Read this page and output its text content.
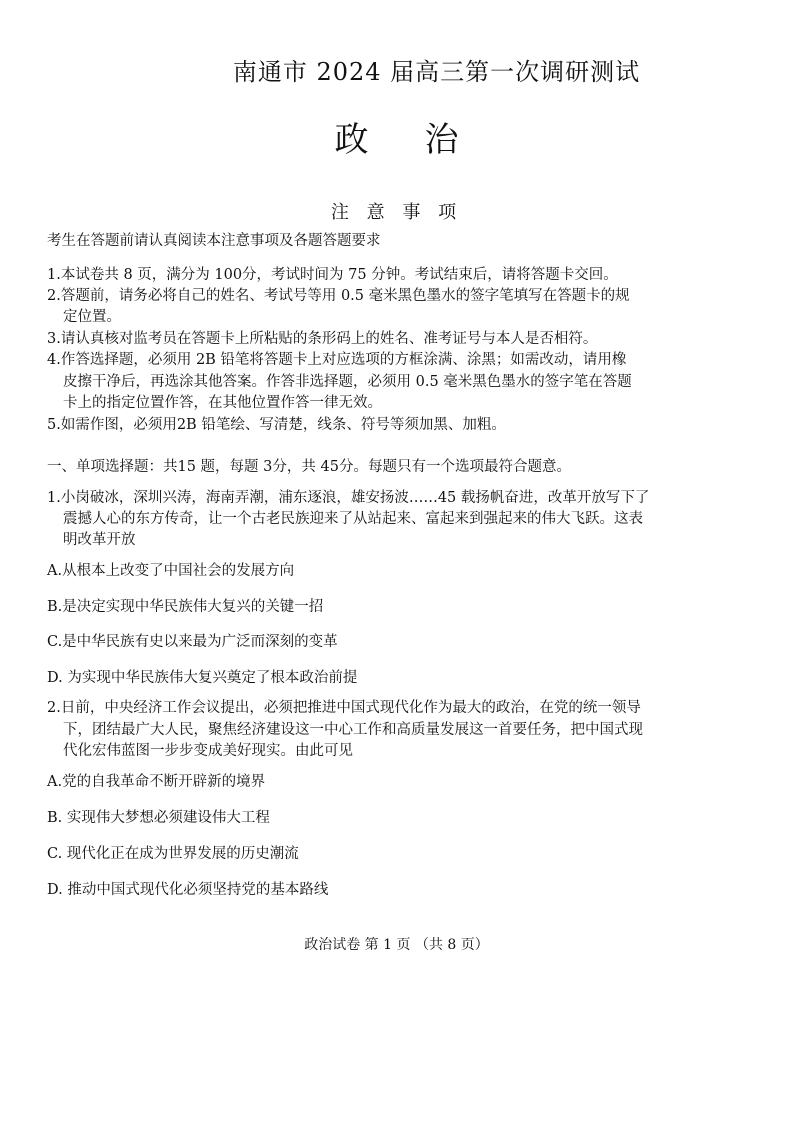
南通市 2024 届高三第一次调研测试
政 治
注 意 事 项
考生在答题前请认真阅读本注意事项及各题答题要求
1.本试卷共 8 页，满分为 100分，考试时间为 75 分钟。考试结束后，请将答题卡交回。
2.答题前，请务必将自己的姓名、考试号等用 0.5 毫米黑色墨水的签字笔填写在答题卡的规
定位置。
3.请认真核对监考员在答题卡上所粘贴的条形码上的姓名、准考证号与本人是否相符。
4.作答选择题，必须用 2B 铅笔将答题卡上对应选项的方框涂满、涂黑；如需改动，请用橡
皮擦干净后，再选涂其他答案。作答非选择题，必须用 0.5 毫米黑色墨水的签字笔在答题
卡上的指定位置作答，在其他位置作答一律无效。
5.如需作图，必须用2B 铅笔绘、写清楚，线条、符号等须加黑、加粗。
一、单项选择题：共15 题，每题 3分，共 45分。每题只有一个选项最符合题意。
1.小岗破冰，深圳兴涛，海南弄潮，浦东逐浪，雄安扬波……45 载扬帆奋进，改革开放写下了
震撼人心的东方传奇，让一个古老民族迎来了从站起来、富起来到强起来的伟大飞跃。这表
明改革开放
A.从根本上改变了中国社会的发展方向
B.是决定实现中华民族伟大复兴的关键一招
C.是中华民族有史以来最为广泛而深刻的变革
D. 为实现中华民族伟大复兴奠定了根本政治前提
2.日前，中央经济工作会议提出，必须把推进中国式现代化作为最大的政治，在党的统一领导
下，团结最广大人民，聚焦经济建设这一中心工作和高质量发展这一首要任务，把中国式现
代化宏伟蓝图一步步变成美好现实。由此可见
A.党的自我革命不断开辟新的境界
B. 实现伟大梦想必须建设伟大工程
C. 现代化正在成为世界发展的历史潮流
D. 推动中国式现代化必须坚持党的基本路线
政治试卷 第 1 页 （共 8 页）
